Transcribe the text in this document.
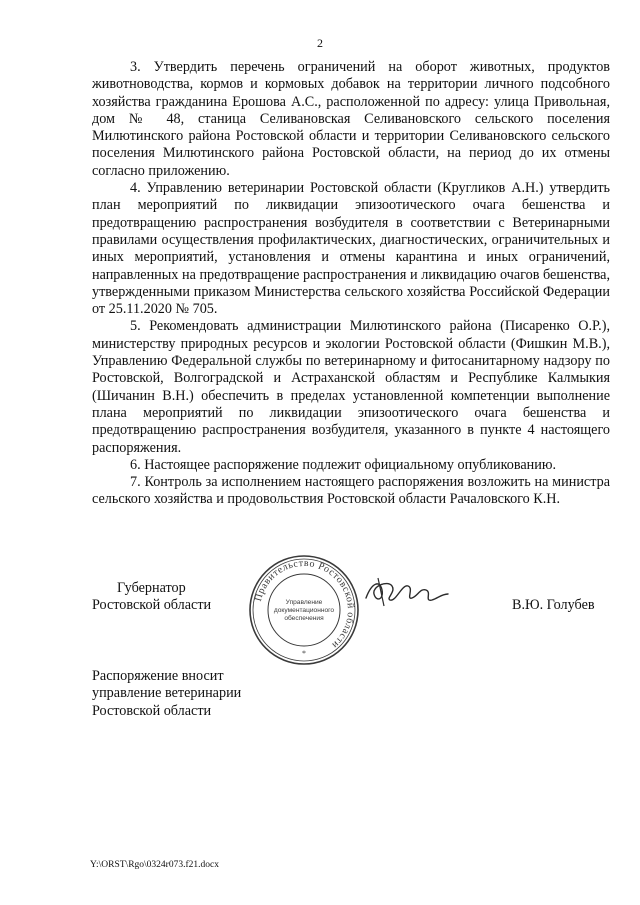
2

3. Утвердить перечень ограничений на оборот животных, продуктов животноводства, кормов и кормовых добавок на территории личного подсобного хозяйства гражданина Ерошова А.С., расположенной по адресу: улица Привольная, дом № 48, станица Селивановская Селивановского сельского поселения Милютинского района Ростовской области и территории Селивановского сельского поселения Милютинского района Ростовской области, на период до их отмены согласно приложению.

4. Управлению ветеринарии Ростовской области (Кругликов А.Н.) утвердить план мероприятий по ликвидации эпизоотического очага бешенства и предотвращению распространения возбудителя в соответствии с Ветеринарными правилами осуществления профилактических, диагностических, ограничительных и иных мероприятий, установления и отмены карантина и иных ограничений, направленных на предотвращение распространения и ликвидацию очагов бешенства, утвержденными приказом Министерства сельского хозяйства Российской Федерации от 25.11.2020 № 705.

5. Рекомендовать администрации Милютинского района (Писаренко О.Р.), министерству природных ресурсов и экологии Ростовской области (Фишкин М.В.), Управлению Федеральной службы по ветеринарному и фитосанитарному надзору по Ростовской, Волгоградской и Астраханской областям и Республике Калмыкия (Шичанин В.Н.) обеспечить в пределах установленной компетенции выполнение плана мероприятий по ликвидации эпизоотического очага бешенства и предотвращению распространения возбудителя, указанного в пункте 4 настоящего распоряжения.

6. Настоящее распоряжение подлежит официальному опубликованию.

7. Контроль за исполнением настоящего распоряжения возложить на министра сельского хозяйства и продовольствия Ростовской области Рачаловского К.Н.

Губернатор
Ростовской области	Правительство Ростовской области
Управление
документационного
обеспечения
*
В.Ю. Голубев
Распоряжение вносит
управление ветеринарии
Ростовской области
Y:\ORST\Rgo\0324r073.f21.docx
